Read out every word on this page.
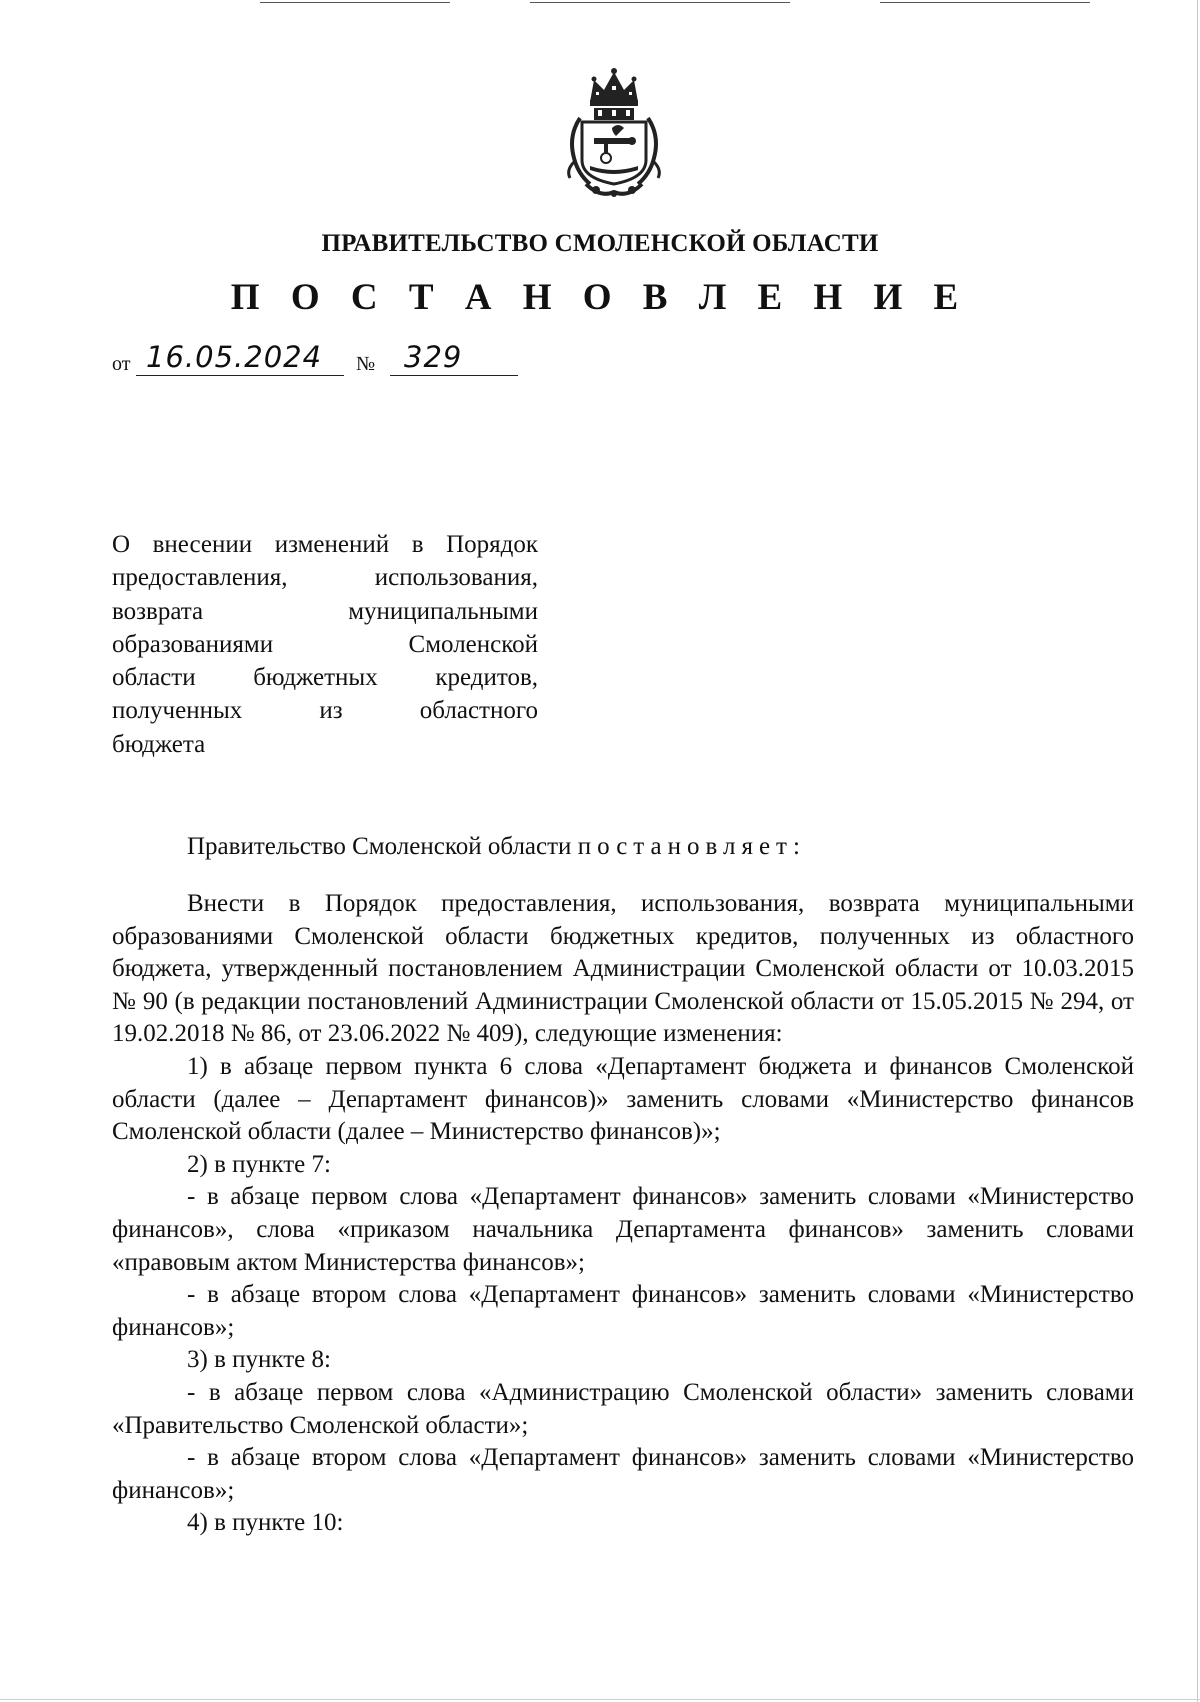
ПРАВИТЕЛЬСТВО СМОЛЕНСКОЙ ОБЛАСТИ
П О С Т А Н О В Л Е Н И Е
от 16.05.2024 № 329
О внесении изменений в Порядок
предоставления, использования,
возврата муниципальными
образованиями Смоленской
области бюджетных кредитов,
полученных из областного
бюджета
Правительство Смоленской области постановляет:

Внести в Порядок предоставления, использования, возврата муниципальными образованиями Смоленской области бюджетных кредитов, полученных из областного бюджета, утвержденный постановлением Администрации Смоленской области от 10.03.2015 № 90 (в редакции постановлений Администрации Смоленской области от 15.05.2015 № 294, от 19.02.2018 № 86, от 23.06.2022 № 409), следующие изменения:

1) в абзаце первом пункта 6 слова «Департамент бюджета и финансов Смоленской области (далее – Департамент финансов)» заменить словами «Министерство финансов Смоленской области (далее – Министерство финансов)»;

2) в пункте 7:

- в абзаце первом слова «Департамент финансов» заменить словами «Министерство финансов», слова «приказом начальника Департамента финансов» заменить словами «правовым актом Министерства финансов»;

- в абзаце втором слова «Департамент финансов» заменить словами «Министерство финансов»;

3) в пункте 8:

- в абзаце первом слова «Администрацию Смоленской области» заменить словами «Правительство Смоленской области»;

- в абзаце втором слова «Департамент финансов» заменить словами «Министерство финансов»;

4) в пункте 10:
